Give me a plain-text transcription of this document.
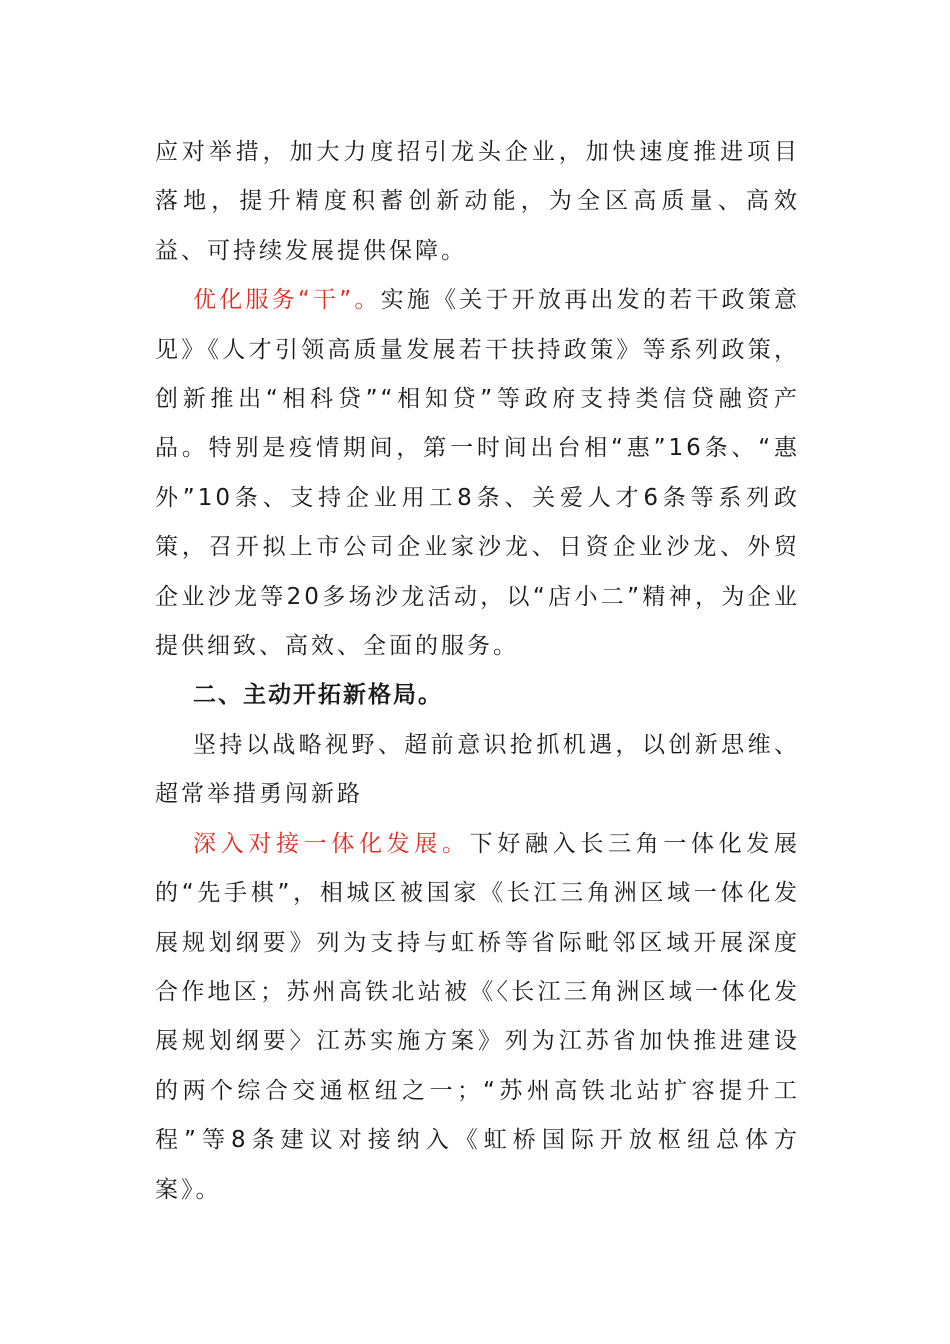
应对举措，加大力度招引龙头企业，加快速度推进项目落地，提升精度积蓄创新动能，为全区高质量、高效益、可持续发展提供保障。

优化服务“干”。实施《关于开放再出发的若干政策意见》《人才引领高质量发展若干扶持政策》等系列政策，创新推出“相科贷”“相知贷”等政府支持类信贷融资产品。特别是疫情期间，第一时间出台相“惠”16条、“惠外”10条、支持企业用工8条、关爱人才6条等系列政策，召开拟上市公司企业家沙龙、日资企业沙龙、外贸企业沙龙等20多场沙龙活动，以“店小二”精神，为企业提供细致、高效、全面的服务。

二、主动开拓新格局。

坚持以战略视野、超前意识抢抓机遇，以创新思维、超常举措勇闯新路

深入对接一体化发展。下好融入长三角一体化发展的“先手棋”，相城区被国家《长江三角洲区域一体化发展规划纲要》列为支持与虹桥等省际毗邻区域开展深度合作地区；苏州高铁北站被《〈长江三角洲区域一体化发展规划纲要〉江苏实施方案》列为江苏省加快推进建设的两个综合交通枢纽之一；“苏州高铁北站扩容提升工程”等8条建议对接纳入《虹桥国际开放枢纽总体方案》。
